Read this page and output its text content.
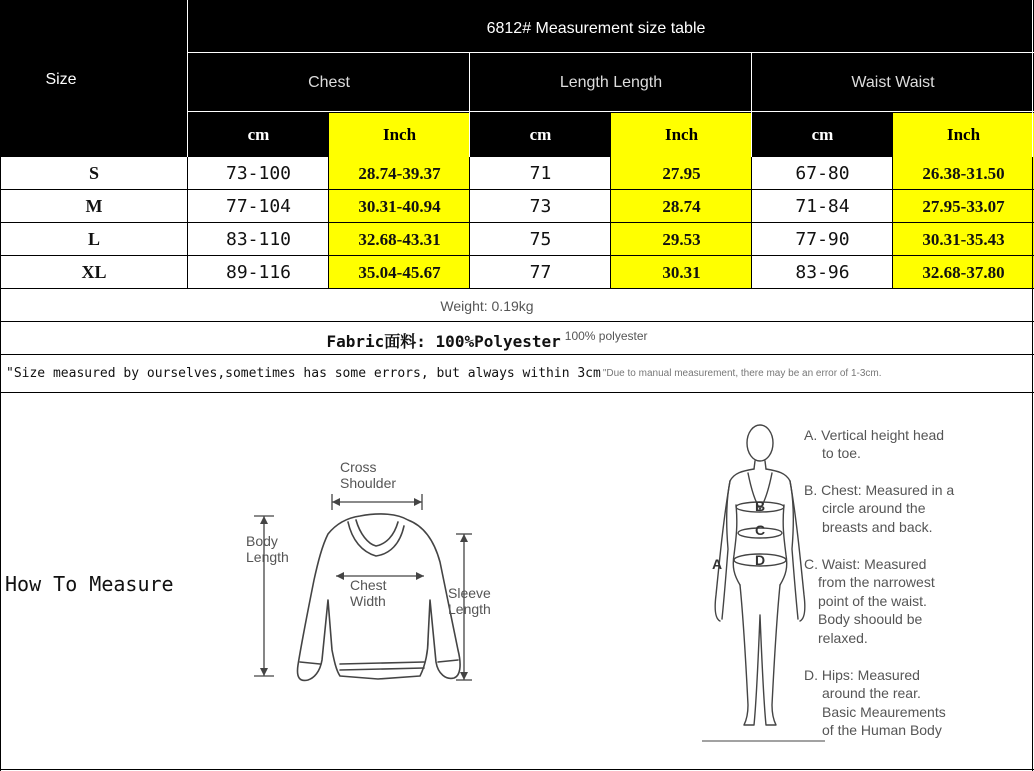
Size
6812# Measurement size table
Chest	Length Length	Waist Waist
cm	Inch	cm	Inch	cm	Inch
S	73-100	28.74-39.37	71	27.95	67-80	26.38-31.50
M	77-104	30.31-40.94	73	28.74	71-84	27.95-33.07
L	83-110	32.68-43.31	75	29.53	77-90	30.31-35.43
XL	89-116	35.04-45.67	77	30.31	83-96	32.68-37.80
Weight: 0.19kg
Fabric面料: 100%Polyester 100% polyester
"Size measured by ourselves,sometimes has some errors, but always within 3cm "Due to manual measurement, there may be an error of 1-3cm.
How To Measure
Cross
Shoulder
Body
Length
Chest
Width	Sleeve
Length
A
B
C
D
A. Vertical height head
to toe.
B. Chest: Measured in a
circle around the
breasts and back.
C. Waist: Measured
from the narrowest
point of the waist.
Body shoould be
relaxed.
D. Hips: Measured
around the rear.
Basic Meaurements
of the Human Body
